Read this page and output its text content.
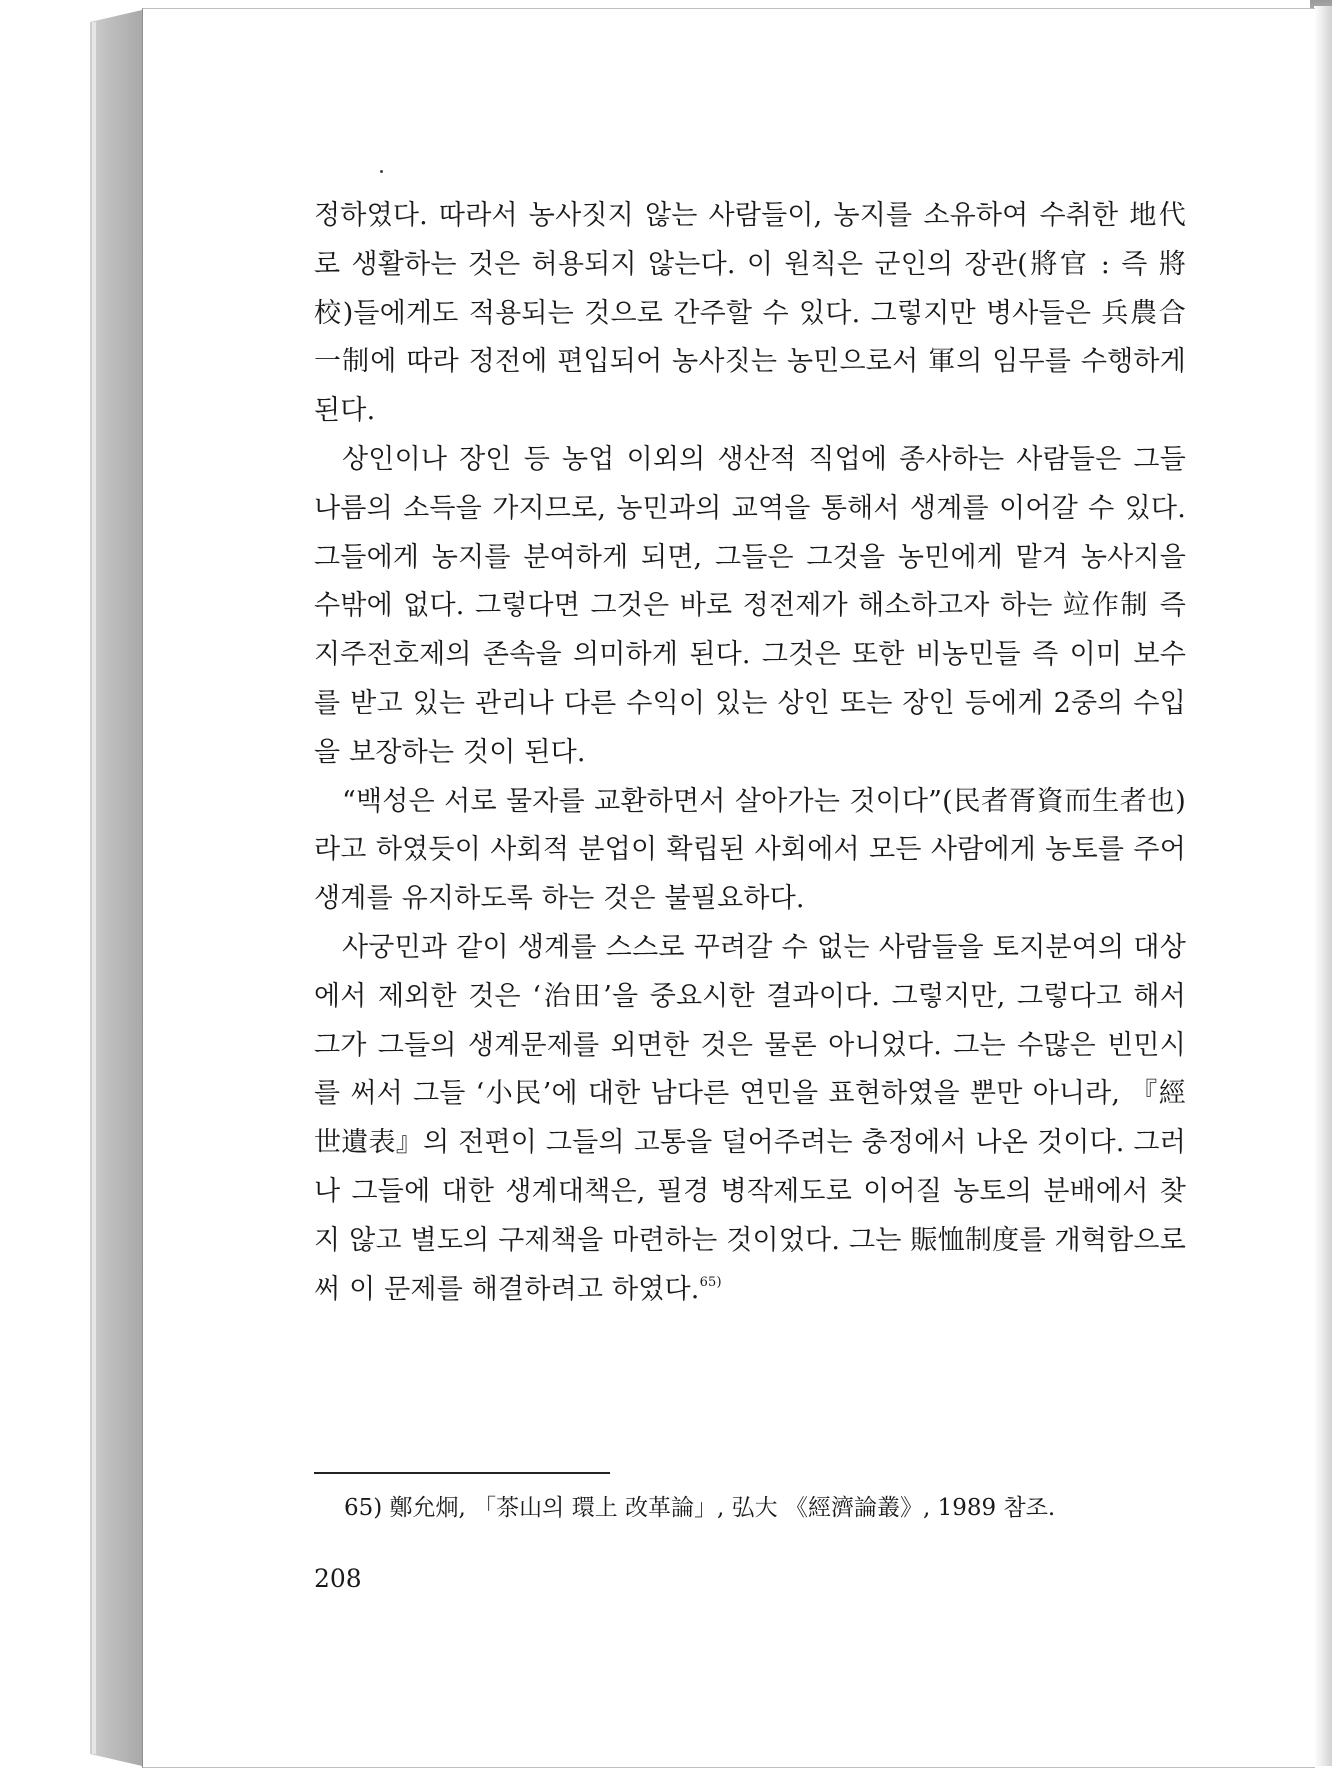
정하였다. 따라서 농사짓지 않는 사람들이, 농지를 소유하여 수취한 地代로 생활하는 것은 허용되지 않는다. 이 원칙은 군인의 장관(將官 : 즉 將校)들에게도 적용되는 것으로 간주할 수 있다. 그렇지만 병사들은 兵農合一制에 따라 정전에 편입되어 농사짓는 농민으로서 軍의 임무를 수행하게 된다.

상인이나 장인 등 농업 이외의 생산적 직업에 종사하는 사람들은 그들 나름의 소득을 가지므로, 농민과의 교역을 통해서 생계를 이어갈 수 있다. 그들에게 농지를 분여하게 되면, 그들은 그것을 농민에게 맡겨 농사지을 수밖에 없다. 그렇다면 그것은 바로 정전제가 해소하고자 하는 竝作制 즉 지주전호제의 존속을 의미하게 된다. 그것은 또한 비농민들 즉 이미 보수를 받고 있는 관리나 다른 수익이 있는 상인 또는 장인 등에게 2중의 수입을 보장하는 것이 된다.

“백성은 서로 물자를 교환하면서 살아가는 것이다”(民者胥資而生者也)라고 하였듯이 사회적 분업이 확립된 사회에서 모든 사람에게 농토를 주어 생계를 유지하도록 하는 것은 불필요하다.

사궁민과 같이 생계를 스스로 꾸려갈 수 없는 사람들을 토지분여의 대상에서 제외한 것은 ‘治田’을 중요시한 결과이다. 그렇지만, 그렇다고 해서 그가 그들의 생계문제를 외면한 것은 물론 아니었다. 그는 수많은 빈민시를 써서 그들 ‘小民’에 대한 남다른 연민을 표현하였을 뿐만 아니라, 『經世遺表』의 전편이 그들의 고통을 덜어주려는 충정에서 나온 것이다. 그러나 그들에 대한 생계대책은, 필경 병작제도로 이어질 농토의 분배에서 찾지 않고 별도의 구제책을 마련하는 것이었다. 그는 賑恤制度를 개혁함으로써 이 문제를 해결하려고 하였다.$^{65)}$

65) 鄭允炯, 「茶山의 環上 改革論」, 弘大 《經濟論叢》, 1989 참조.
208
